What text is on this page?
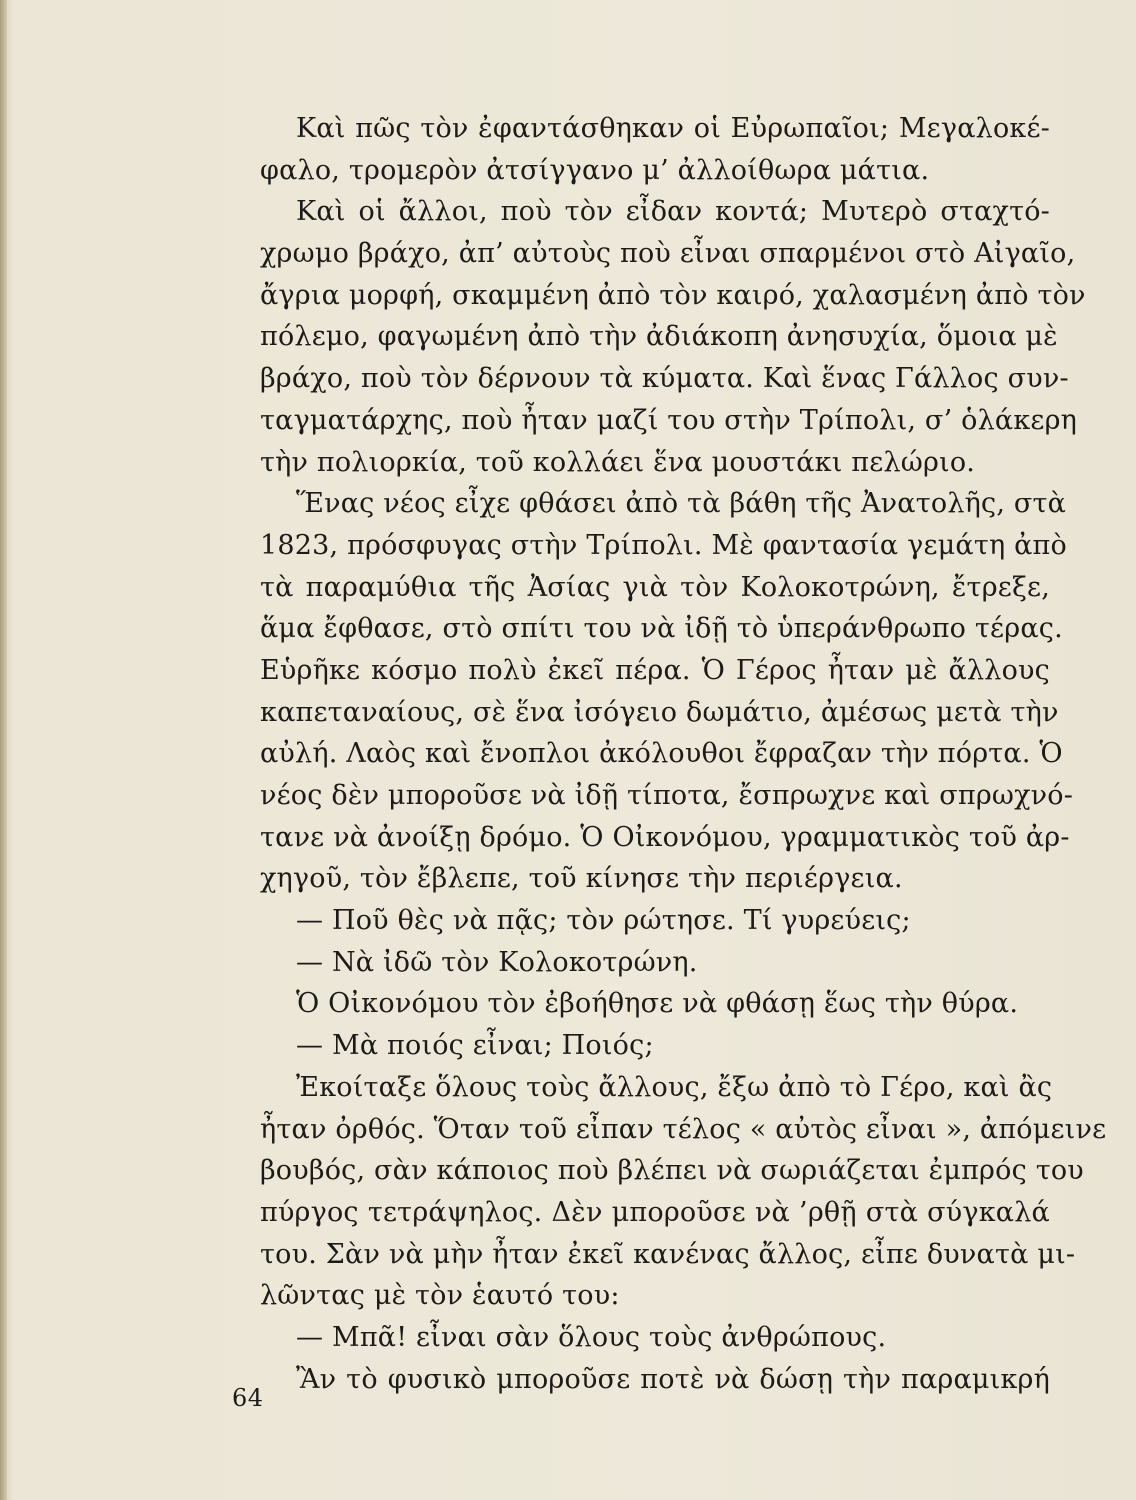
Καὶ πῶς τὸν ἐφαντάσθηκαν οἱ Εὐρωπαῖοι; Μεγαλοκέ-
φαλο, τρομερὸν ἀτσίγγανο μ’ ἀλλοίθωρα μάτια.
Καὶ οἱ ἄλλοι, ποὺ τὸν εἶδαν κοντά; Μυτερὸ σταχτό-
χρωμο βράχο, ἀπ’ αὐτοὺς ποὺ εἶναι σπαρμένοι στὸ Αἰγαῖο,
ἄγρια μορφή, σκαμμένη ἀπὸ τὸν καιρό, χαλασμένη ἀπὸ τὸν
πόλεμο, φαγωμένη ἀπὸ τὴν ἀδιάκοπη ἀνησυχία, ὅμοια μὲ
βράχο, ποὺ τὸν δέρνουν τὰ κύματα. Καὶ ἕνας Γάλλος συν-
ταγματάρχης, ποὺ ἦταν μαζί του στὴν Τρίπολι, σ’ ὁλάκερη
τὴν πολιορκία, τοῦ κολλάει ἕνα μουστάκι πελώριο.
Ἕνας νέος εἶχε φθάσει ἀπὸ τὰ βάθη τῆς Ἀνατολῆς, στὰ
1823, πρόσφυγας στὴν Τρίπολι. Μὲ φαντασία γεμάτη ἀπὸ
τὰ παραμύθια τῆς Ἀσίας γιὰ τὸν Κολοκοτρώνη, ἔτρεξε,
ἅμα ἔφθασε, στὸ σπίτι του νὰ ἰδῇ τὸ ὑπεράνθρωπο τέρας.
Εὑρῆκε κόσμο πολὺ ἐκεῖ πέρα. Ὁ Γέρος ἦταν μὲ ἄλλους
καπεταναίους, σὲ ἕνα ἰσόγειο δωμάτιο, ἀμέσως μετὰ τὴν
αὐλή. Λαὸς καὶ ἔνοπλοι ἀκόλουθοι ἔφραζαν τὴν πόρτα. Ὁ
νέος δὲν μποροῦσε νὰ ἰδῇ τίποτα, ἔσπρωχνε καὶ σπρωχνό-
τανε νὰ ἀνοίξῃ δρόμο. Ὁ Οἰκονόμου, γραμματικὸς τοῦ ἀρ-
χηγοῦ, τὸν ἔβλεπε, τοῦ κίνησε τὴν περιέργεια.
— Ποῦ θὲς νὰ πᾷς; τὸν ρώτησε. Τί γυρεύεις;
— Νὰ ἰδῶ τὸν Κολοκοτρώνη.
Ὁ Οἰκονόμου τὸν ἐβοήθησε νὰ φθάσῃ ἕως τὴν θύρα.
— Μὰ ποιός εἶναι; Ποιός;
Ἐκοίταξε ὅλους τοὺς ἄλλους, ἔξω ἀπὸ τὸ Γέρο, καὶ ἂς
ἦταν ὀρθός. Ὅταν τοῦ εἶπαν τέλος « αὐτὸς εἶναι », ἀπόμεινε
βουβός, σὰν κάποιος ποὺ βλέπει νὰ σωριάζεται ἐμπρός του
πύργος τετράψηλος. Δὲν μποροῦσε νὰ ’ρθῇ στὰ σύγκαλά
του. Σὰν νὰ μὴν ἦταν ἐκεῖ κανένας ἄλλος, εἶπε δυνατὰ μι-
λῶντας μὲ τὸν ἑαυτό του:
— Μπᾶ! εἶναι σὰν ὅλους τοὺς ἀνθρώπους.
Ἂν τὸ φυσικὸ μποροῦσε ποτὲ νὰ δώσῃ τὴν παραμικρή
64
